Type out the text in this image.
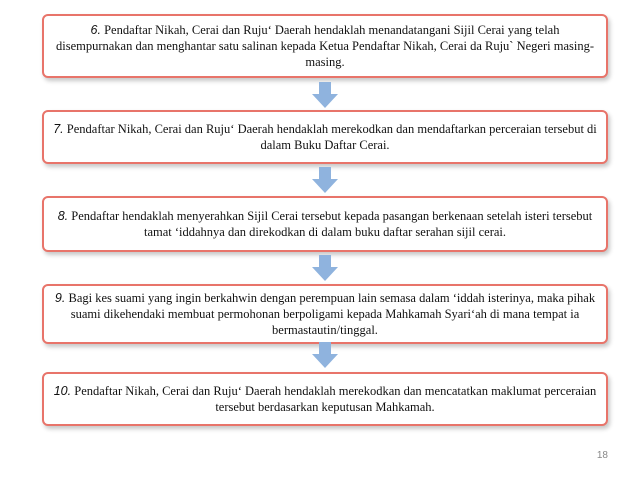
6. Pendaftar Nikah, Cerai dan Ruju‘ Daerah hendaklah menandatangani Sijil Cerai yang telah disempurnakan dan menghantar satu salinan kepada Ketua Pendaftar Nikah, Cerai da Ruju` Negeri masing-masing.
7. Pendaftar Nikah, Cerai dan Ruju‘ Daerah hendaklah merekodkan dan mendaftarkan perceraian tersebut di dalam Buku Daftar Cerai.
8. Pendaftar hendaklah menyerahkan Sijil Cerai tersebut kepada pasangan berkenaan setelah isteri tersebut tamat ‘iddahnya dan direkodkan di dalam buku daftar serahan sijil cerai.
9. Bagi kes suami yang ingin berkahwin dengan perempuan lain semasa dalam ‘iddah isterinya, maka pihak suami dikehendaki membuat permohonan berpoligami kepada Mahkamah Syari‘ah di mana tempat ia bermastautin/tinggal.
10. Pendaftar Nikah, Cerai dan Ruju‘ Daerah hendaklah merekodkan dan mencatatkan maklumat perceraian tersebut berdasarkan keputusan Mahkamah.
18
